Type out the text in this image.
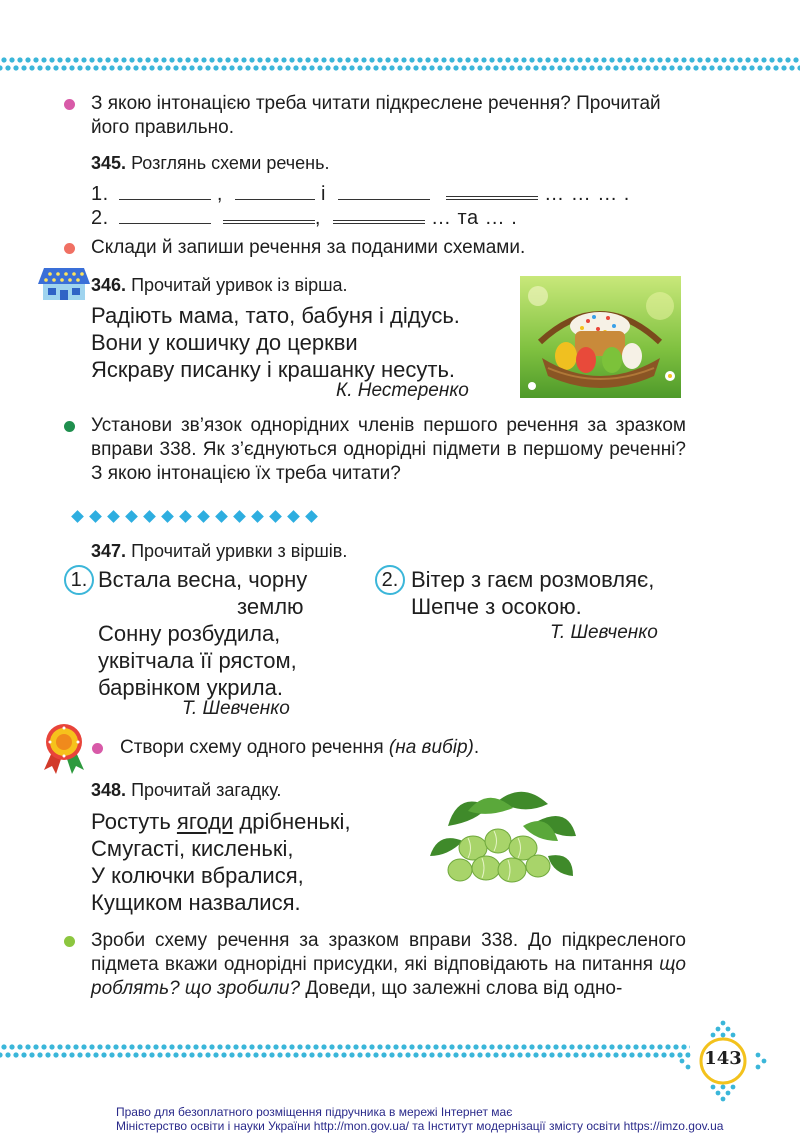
З якою інтонацією треба читати підкреслене речення? Прочитай його правильно.
345. Розглянь схеми речень.
1.	,	і	… … … .
2.	,	… та … .
Склади й запиши речення за поданими схемами.
346. Прочитай уривок із вірша.
Радіють мама, тато, бабуня і дідусь.
Вони у кошичку до церкви
Яскраву писанку і крашанку несуть.
К. Нестеренко
Установи зв’язок однорідних членів першого речення за зразком вправи 338. Як з’єднуються однорідні підмети в першому реченні? З якою інтонацією їх треба читати?
347. Прочитай уривки з віршів.
1. Встала весна, чорну
землю
Сонну розбудила,
уквітчала її рястом,
барвінком укрила.
Т. Шевченко
2. Вітер з гаєм розмовляє,
Шепче з осокою.
Т. Шевченко
Створи схему одного речення (на вибір).
348. Прочитай загадку.
Ростуть ягоди дрібненькі,
Смугасті, кисленькі,
У колючки вбралися,
Кущиком назвалися.
Зроби схему речення за зразком вправи 338. До підкресленого підмета вкажи однорідні присудки, які відповідають на питання що роблять? що зробили? Доведи, що залежні слова від одно-
143
Право для безоплатного розміщення підручника в мережі Інтернет має
Міністерство освіти і науки України http://mon.gov.ua/ та Інститут модернізації змісту освіти https://imzo.gov.ua
